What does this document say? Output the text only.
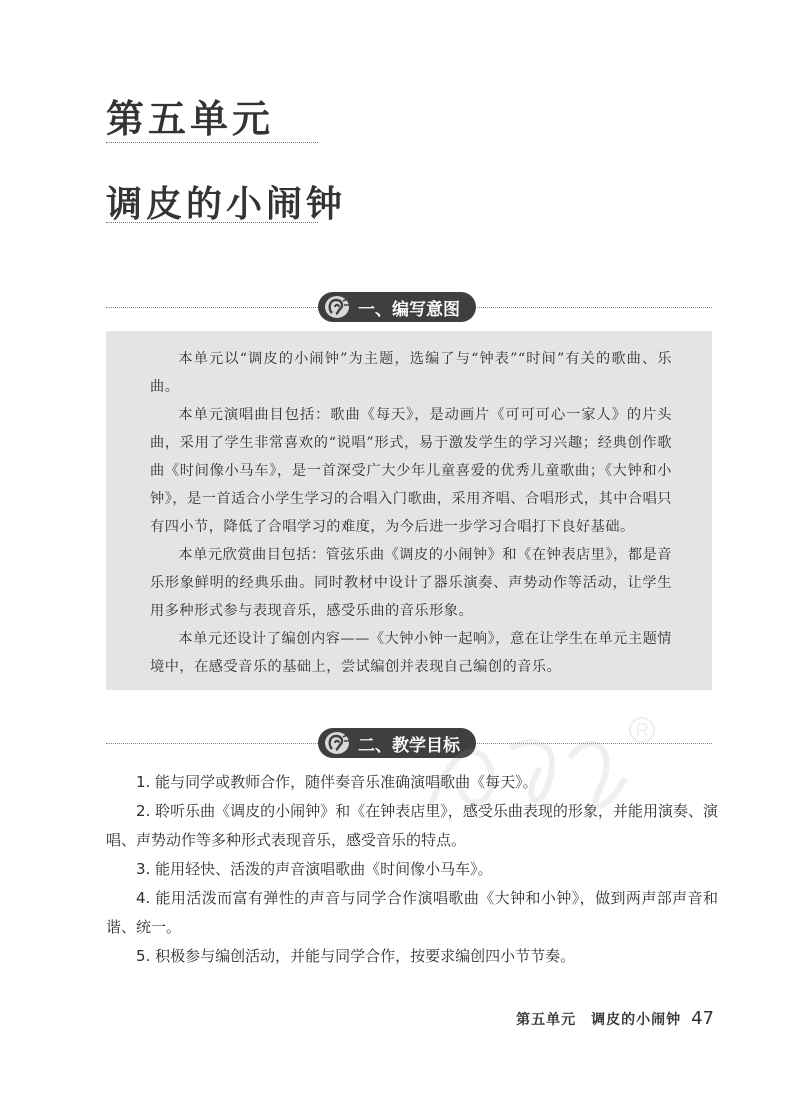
第五单元
调皮的小闹钟
一、编写意图

本单元以“调皮的小闹钟”为主题，选编了与“钟表”“时间”有关的歌曲、乐曲。

本单元演唱曲目包括：歌曲《每天》，是动画片《可可可心一家人》的片头曲，采用了学生非常喜欢的“说唱”形式，易于激发学生的学习兴趣；经典创作歌曲《时间像小马车》，是一首深受广大少年儿童喜爱的优秀儿童歌曲；《大钟和小钟》，是一首适合小学生学习的合唱入门歌曲，采用齐唱、合唱形式，其中合唱只有四小节，降低了合唱学习的难度，为今后进一步学习合唱打下良好基础。

本单元欣赏曲目包括：管弦乐曲《调皮的小闹钟》和《在钟表店里》，都是音乐形象鲜明的经典乐曲。同时教材中设计了器乐演奏、声势动作等活动，让学生用多种形式参与表现音乐，感受乐曲的音乐形象。

本单元还设计了编创内容——《大钟小钟一起响》，意在让学生在单元主题情境中，在感受音乐的基础上，尝试编创并表现自己编创的音乐。

二、教学目标

1. 能与同学或教师合作，随伴奏音乐准确演唱歌曲《每天》。

2. 聆听乐曲《调皮的小闹钟》和《在钟表店里》，感受乐曲表现的形象，并能用演奏、演唱、声势动作等多种形式表现音乐，感受音乐的特点。

3. 能用轻快、活泼的声音演唱歌曲《时间像小马车》。

4. 能用活泼而富有弹性的声音与同学合作演唱歌曲《大钟和小钟》，做到两声部声音和谐、统一。

5. 积极参与编创活动，并能与同学合作，按要求编创四小节节奏。

第五单元　调皮的小闹钟 47
